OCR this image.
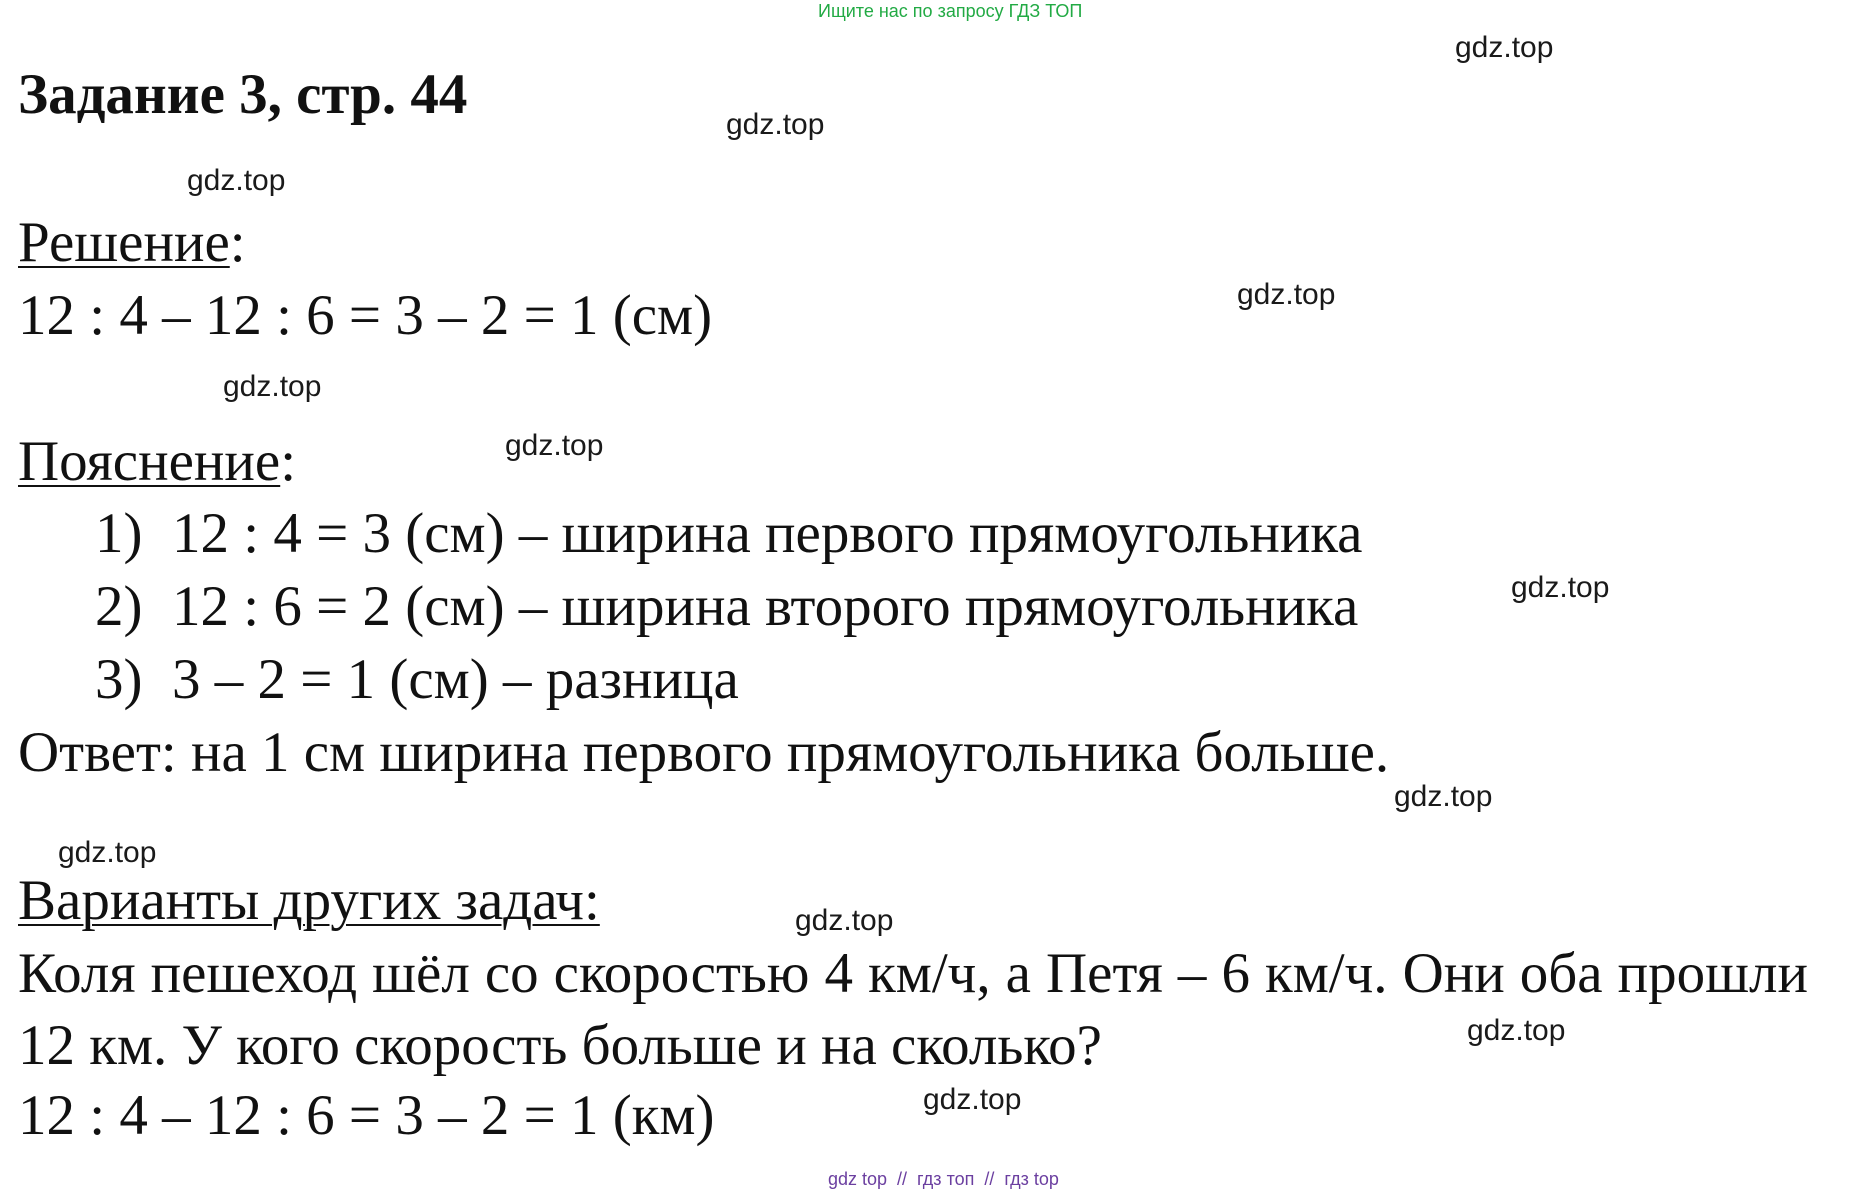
Ищите нас по запросу ГДЗ ТОП
Задание 3, стр. 44
Решение:
12 : 4 – 12 : 6 = 3 – 2 = 1 (см)
Пояснение:
1) 12 : 4 = 3 (см) – ширина первого прямоугольника
2) 12 : 6 = 2 (см) – ширина второго прямоугольника
3) 3 – 2 = 1 (см) – разница
Ответ: на 1 см ширина первого прямоугольника больше.
Варианты других задач:
Коля пешеход шёл со скоростью 4 км/ч, а Петя – 6 км/ч. Они оба прошли 12 км. У кого скорость больше и на сколько?
12 : 4 – 12 : 6 = 3 – 2 = 1 (км)
gdz.top
gdz.top
gdz.top
gdz.top
gdz.top
gdz.top
gdz.top
gdz.top
gdz.top
gdz.top
gdz.top
gdz.top
gdz top  //  гдз топ  //  гдз top
